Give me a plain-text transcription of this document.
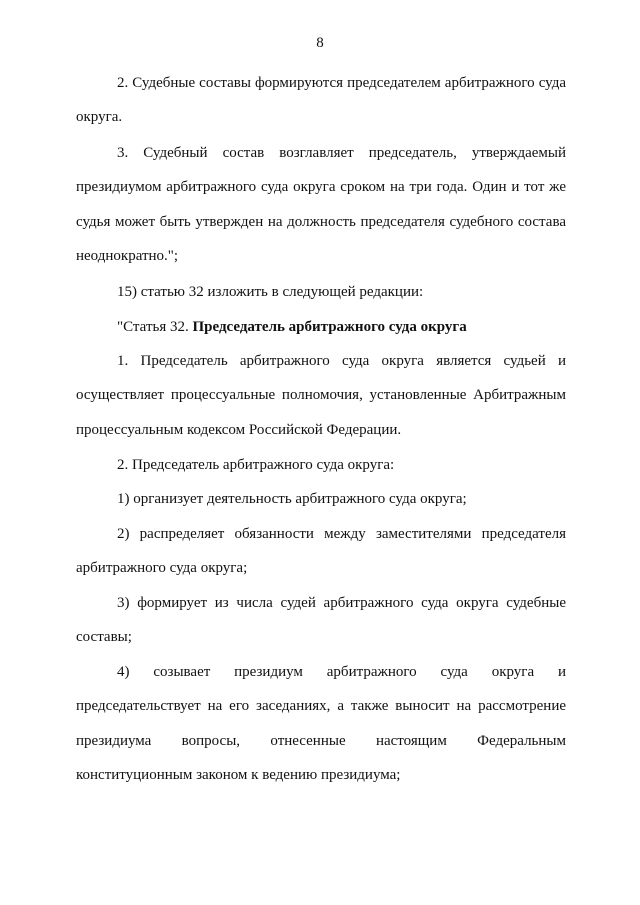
8
2. Судебные составы формируются председателем арбитражного суда округа.
3. Судебный состав возглавляет председатель, утверждаемый президиумом арбитражного суда округа сроком на три года. Один и тот же судья может быть утвержден на должность председателя судебного состава неоднократно.";
15) статью 32 изложить в следующей редакции:
"Статья 32. Председатель арбитражного суда округа
1. Председатель арбитражного суда округа является судьей и осуществляет процессуальные полномочия, установленные Арбитражным процессуальным кодексом Российской Федерации.
2. Председатель арбитражного суда округа:
1) организует деятельность арбитражного суда округа;
2) распределяет обязанности между заместителями председателя арбитражного суда округа;
3) формирует из числа судей арбитражного суда округа судебные составы;
4) созывает президиум арбитражного суда округа и председательствует на его заседаниях, а также выносит на рассмотрение президиума вопросы, отнесенные настоящим Федеральным конституционным законом к ведению президиума;
